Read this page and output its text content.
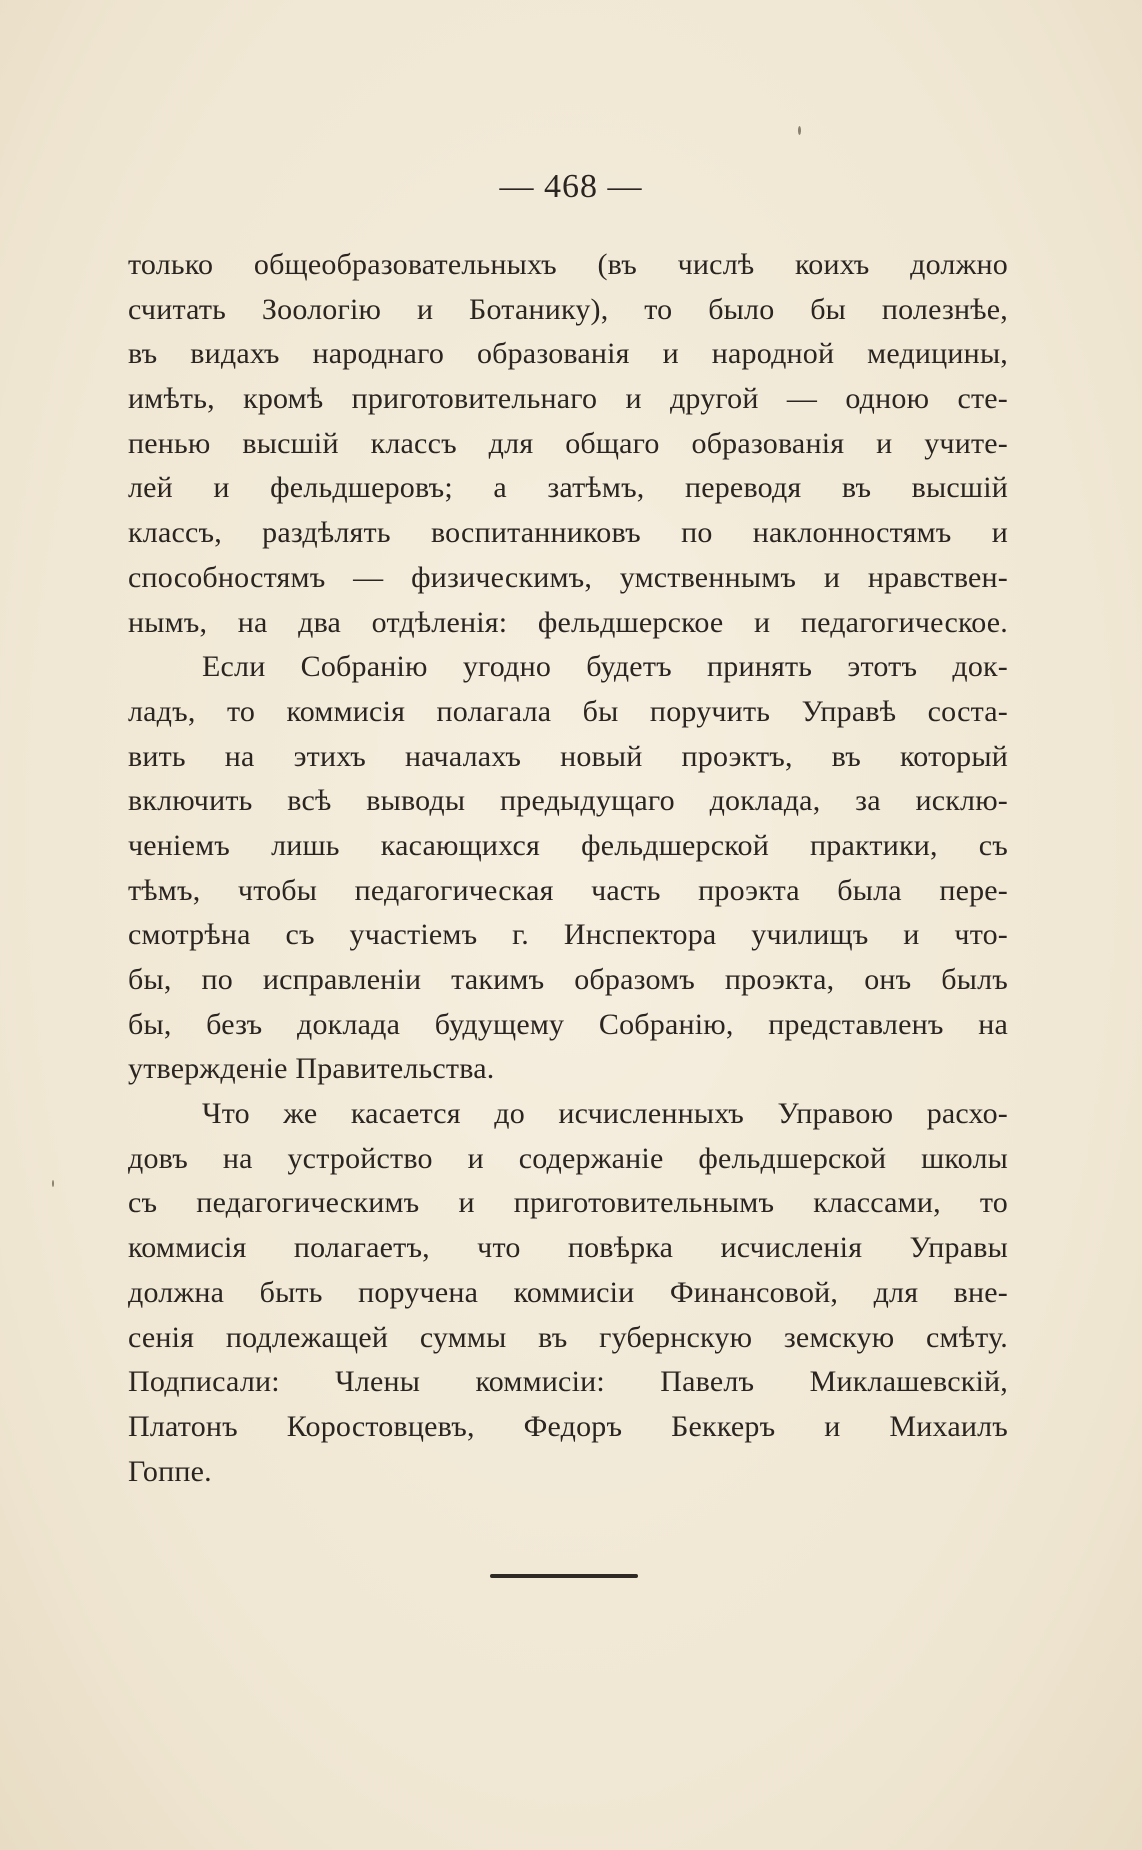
— 468 —
только общеобразовательныхъ (въ числѣ коихъ должно
считать Зоологію и Ботанику), то было бы полезнѣе,
въ видахъ народнаго образованія и народной медицины,
имѣть, кромѣ приготовительнаго и другой — одною сте-
пенью высшій классъ для общаго образованія и учите-
лей и фельдшеровъ; а затѣмъ, переводя въ высшій
классъ, раздѣлять воспитанниковъ по наклонностямъ и
способностямъ — физическимъ, умственнымъ и нравствен-
нымъ, на два отдѣленія: фельдшерское и педагогическое.
Если Собранію угодно будетъ принять этотъ док-
ладъ, то коммисія полагала бы поручить Управѣ соста-
вить на этихъ началахъ новый проэктъ, въ который
включить всѣ выводы предыдущаго доклада, за исклю-
ченіемъ лишь касающихся фельдшерской практики, съ
тѣмъ, чтобы педагогическая часть проэкта была пере-
смотрѣна съ участіемъ г. Инспектора училищъ и что-
бы, по исправленіи такимъ образомъ проэкта, онъ былъ
бы, безъ доклада будущему Собранію, представленъ на
утвержденіе Правительства.
Что же касается до исчисленныхъ Управою расхо-
довъ на устройство и содержаніе фельдшерской школы
съ педагогическимъ и приготовительнымъ классами, то
коммисія полагаетъ, что повѣрка исчисленія Управы
должна быть поручена коммисіи Финансовой, для вне-
сенія подлежащей суммы въ губернскую земскую смѣту.
Подписали: Члены коммисіи: Павелъ Миклашевскій,
Платонъ Коростовцевъ, Федоръ Беккеръ и Михаилъ
Гоппе.
